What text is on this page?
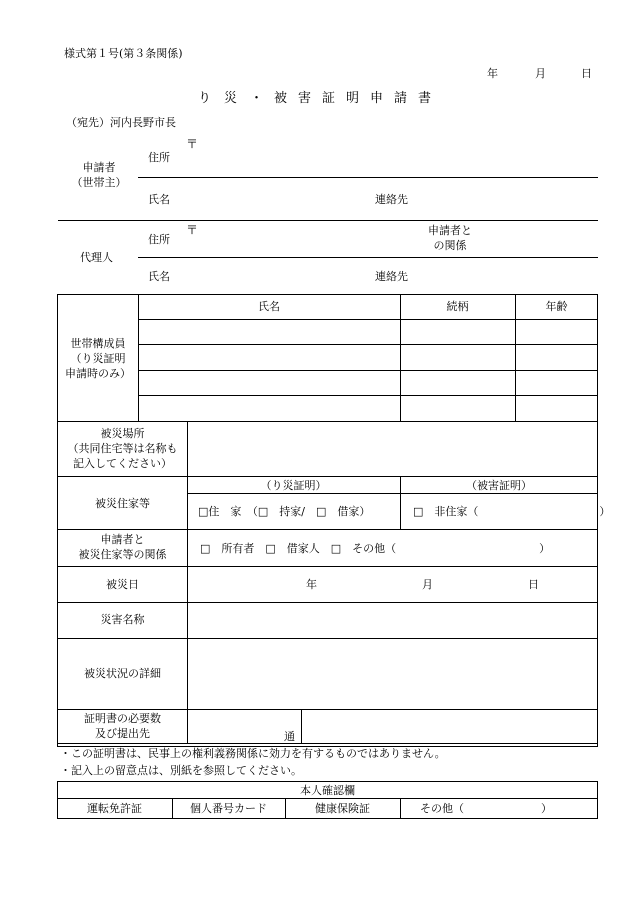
様式第１号(第３条関係)
年	月	日
り 災 ・ 被 害 証 明 申 請 書
（宛先）河内長野市長
申請者
（世帯主）
〒
住所
氏名	連絡先
代理人
〒
住所
申請者と
の関係
氏名	連絡先
世帯構成員
（り災証明
申請時のみ）
氏名	続柄	年齢
被災場所
（共同住宅等は名称も
記入してください）
被災住家等
（り災証明）	（被害証明）
□住　家　（□　持家/　□　借家）	□　非住家（　　　　　　　　　　　）
申請者と
被災住家等の関係	□　所有者　□　借家人　□　その他（　　　　　　　　　　　　　）
被災日	年	月	日
災害名称
被災状況の詳細
証明書の必要数
及び提出先	通
・この証明書は、民事上の権利義務関係に効力を有するものではありません。
・記入上の留意点は、別紙を参照してください。
本人確認欄
運転免許証	個人番号カード	健康保険証	その他（　　　　　　　）
